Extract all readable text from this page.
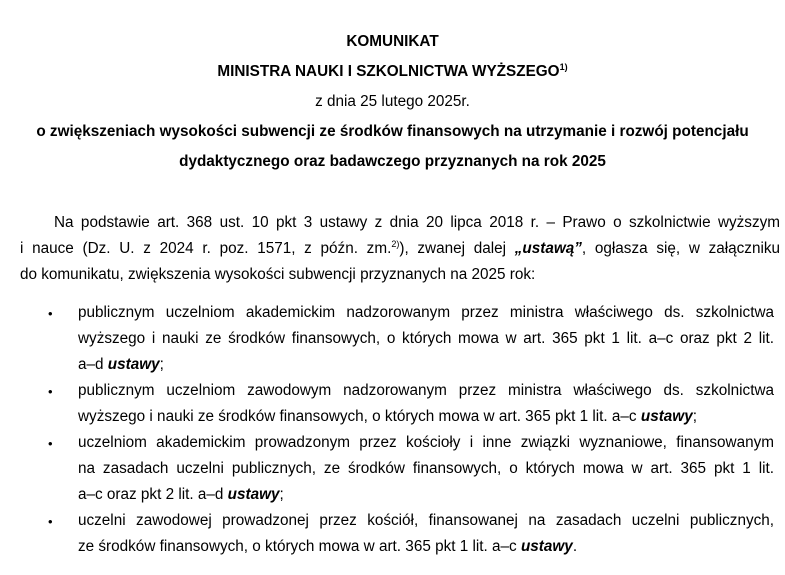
KOMUNIKAT
MINISTRA NAUKI I SZKOLNICTWA WYŻSZEGO$^{1)}$
z dnia 25 lutego 2025r.
o zwiększeniach wysokości subwencji ze środków finansowych na utrzymanie i rozwój potencjału
dydaktycznego oraz badawczego przyznanych na rok 2025
Na podstawie art. 368 ust. 10 pkt 3 ustawy z dnia 20 lipca 2018 r. – Prawo o szkolnictwie wyższym
i nauce (Dz. U. z 2024 r. poz. 1571, z późn. zm.$^{2)}$), zwanej dalej „ustawą”, ogłasza się, w załączniku
do komunikatu, zwiększenia wysokości subwencji przyznanych na 2025 rok:
• publicznym uczelniom akademickim nadzorowanym przez ministra właściwego ds. szkolnictwa
wyższego i nauki ze środków finansowych, o których mowa w art. 365 pkt 1 lit. a–c oraz pkt 2 lit.
a–d ustawy;
• publicznym uczelniom zawodowym nadzorowanym przez ministra właściwego ds. szkolnictwa
wyższego i nauki ze środków finansowych, o których mowa w art. 365 pkt 1 lit. a–c ustawy;
• uczelniom akademickim prowadzonym przez kościoły i inne związki wyznaniowe, finansowanym
na zasadach uczelni publicznych, ze środków finansowych, o których mowa w art. 365 pkt 1 lit.
a–c oraz pkt 2 lit. a–d ustawy;
• uczelni zawodowej prowadzonej przez kościół, finansowanej na zasadach uczelni publicznych,
ze środków finansowych, o których mowa w art. 365 pkt 1 lit. a–c ustawy.
